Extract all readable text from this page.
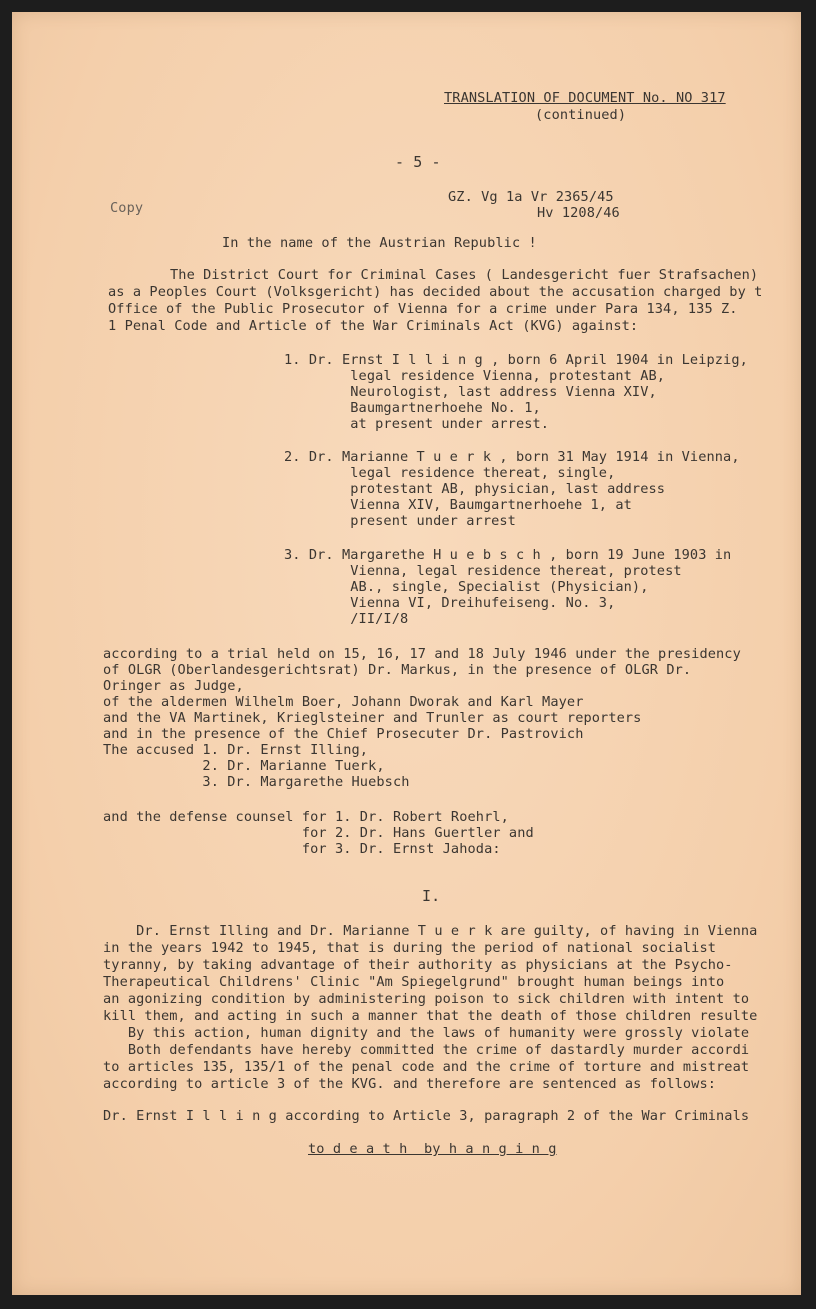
TRANSLATION OF DOCUMENT No. NO 317
(continued)
- 5 -
GZ. Vg 1a Vr 2365/45
Hv 1208/46
Copy
In the name of the Austrian Republic !
The District Court for Criminal Cases ( Landesgericht fuer Strafsachen)
as a Peoples Court (Volksgericht) has decided about the accusation charged by t
Office of the Public Prosecutor of Vienna for a crime under Para 134, 135 Z.
1 Penal Code and Article of the War Criminals Act (KVG) against:
1. Dr. Ernst I l l i n g , born 6 April 1904 in Leipzig,
legal residence Vienna, protestant AB,
Neurologist, last address Vienna XIV,
Baumgartnerhoehe No. 1,
at present under arrest.
2. Dr. Marianne T u e r k , born 31 May 1914 in Vienna,
legal residence thereat, single,
protestant AB, physician, last address
Vienna XIV, Baumgartnerhoehe 1, at
present under arrest
3. Dr. Margarethe H u e b s c h , born 19 June 1903 in
Vienna, legal residence thereat, protest
AB., single, Specialist (Physician),
Vienna VI, Dreihufeiseng. No. 3,
/II/I/8
according to a trial held on 15, 16, 17 and 18 July 1946 under the presidency
of OLGR (Oberlandesgerichtsrat) Dr. Markus, in the presence of OLGR Dr.
Oringer as Judge,
of the aldermen Wilhelm Boer, Johann Dworak and Karl Mayer
and the VA Martinek, Krieglsteiner and Trunler as court reporters
and in the presence of the Chief Prosecuter Dr. Pastrovich
The accused 1. Dr. Ernst Illing,
2. Dr. Marianne Tuerk,
3. Dr. Margarethe Huebsch
and the defense counsel for 1. Dr. Robert Roehrl,
for 2. Dr. Hans Guertler and
for 3. Dr. Ernst Jahoda:
I.
Dr. Ernst Illing and Dr. Marianne T u e r k are guilty, of having in Vienna
in the years 1942 to 1945, that is during the period of national socialist
tyranny, by taking advantage of their authority as physicians at the Psycho-
Therapeutical Childrens' Clinic "Am Spiegelgrund" brought human beings into
an agonizing condition by administering poison to sick children with intent to
kill them, and acting in such a manner that the death of those children resulte
By this action, human dignity and the laws of humanity were grossly violate
Both defendants have hereby committed the crime of dastardly murder accordi
to articles 135, 135/1 of the penal code and the crime of torture and mistreat
according to article 3 of the KVG. and therefore are sentenced as follows:
Dr. Ernst I l l i n g according to Article 3, paragraph 2 of the War Criminals
to d e a t h  by h a n g i n g
